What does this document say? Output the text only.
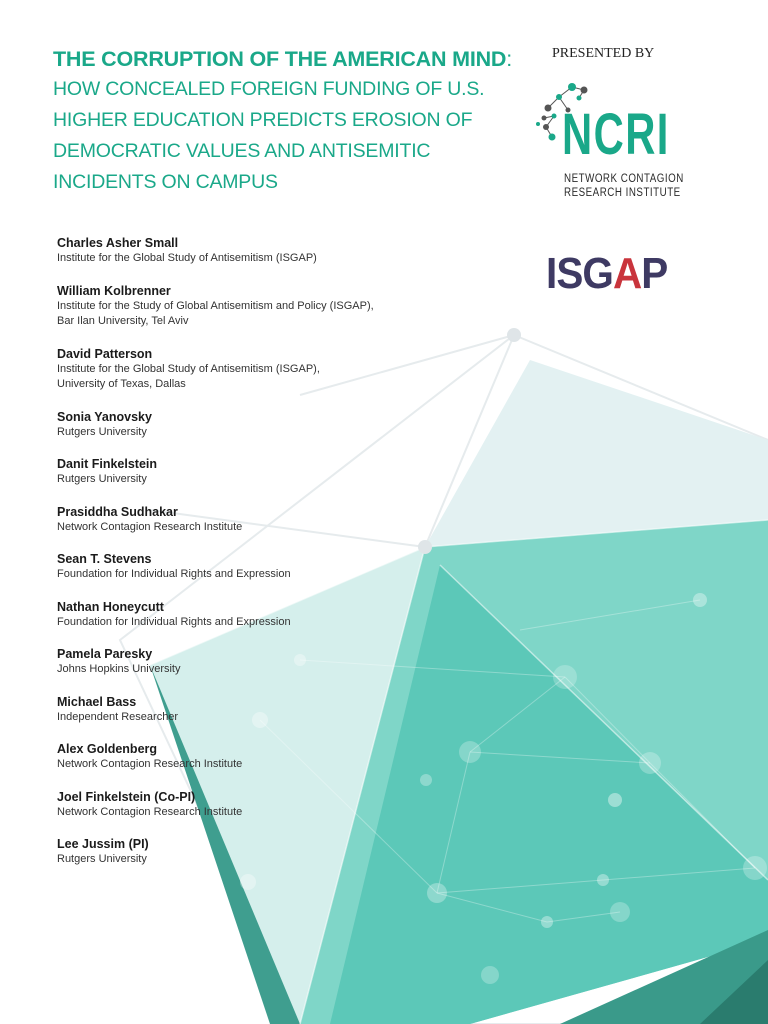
THE CORRUPTION OF THE AMERICAN MIND:
HOW CONCEALED FOREIGN FUNDING OF U.S.
HIGHER EDUCATION PREDICTS EROSION OF
DEMOCRATIC VALUES AND ANTISEMITIC
INCIDENTS ON CAMPUS
PRESENTED BY
NCRI
NETWORK CONTAGION
RESEARCH INSTITUTE
ISGAP
Charles Asher Small
Institute for the Global Study of Antisemitism (ISGAP)
William Kolbrenner
Institute for the Study of Global Antisemitism and Policy (ISGAP),
Bar Ilan University, Tel Aviv
David Patterson
Institute for the Global Study of Antisemitism (ISGAP),
University of Texas, Dallas
Sonia Yanovsky
Rutgers University
Danit Finkelstein
Rutgers University
Prasiddha Sudhakar
Network Contagion Research Institute
Sean T. Stevens
Foundation for Individual Rights and Expression
Nathan Honeycutt
Foundation for Individual Rights and Expression
Pamela Paresky
Johns Hopkins University
Michael Bass
Independent Researcher
Alex Goldenberg
Network Contagion Research Institute
Joel Finkelstein (Co-PI)
Network Contagion Research Institute
Lee Jussim (PI)
Rutgers University
